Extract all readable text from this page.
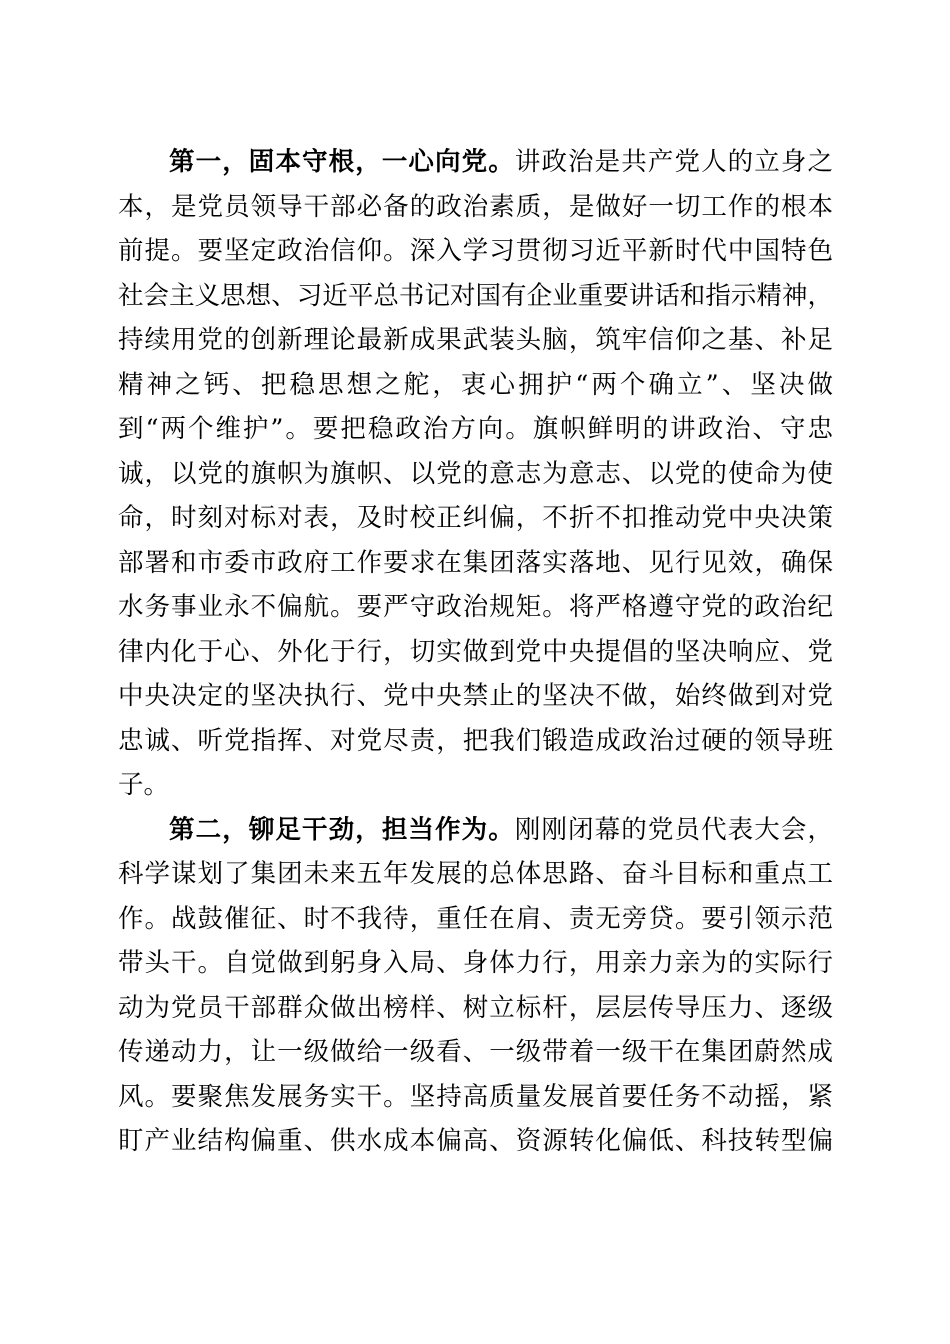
第一，固本守根，一心向党。讲政治是共产党人的立身之
本，是党员领导干部必备的政治素质，是做好一切工作的根本
前提。要坚定政治信仰。深入学习贯彻习近平新时代中国特色
社会主义思想、习近平总书记对国有企业重要讲话和指示精神，
持续用党的创新理论最新成果武装头脑，筑牢信仰之基、补足
精神之钙、把稳思想之舵，衷心拥护“两个确立”、坚决做
到“两个维护”。要把稳政治方向。旗帜鲜明的讲政治、守忠
诚，以党的旗帜为旗帜、以党的意志为意志、以党的使命为使
命，时刻对标对表，及时校正纠偏，不折不扣推动党中央决策
部署和市委市政府工作要求在集团落实落地、见行见效，确保
水务事业永不偏航。要严守政治规矩。将严格遵守党的政治纪
律内化于心、外化于行，切实做到党中央提倡的坚决响应、党
中央决定的坚决执行、党中央禁止的坚决不做，始终做到对党
忠诚、听党指挥、对党尽责，把我们锻造成政治过硬的领导班
子。
第二，铆足干劲，担当作为。刚刚闭幕的党员代表大会，
科学谋划了集团未来五年发展的总体思路、奋斗目标和重点工
作。战鼓催征、时不我待，重任在肩、责无旁贷。要引领示范
带头干。自觉做到躬身入局、身体力行，用亲力亲为的实际行
动为党员干部群众做出榜样、树立标杆，层层传导压力、逐级
传递动力，让一级做给一级看、一级带着一级干在集团蔚然成
风。要聚焦发展务实干。坚持高质量发展首要任务不动摇，紧
盯产业结构偏重、供水成本偏高、资源转化偏低、科技转型偏
